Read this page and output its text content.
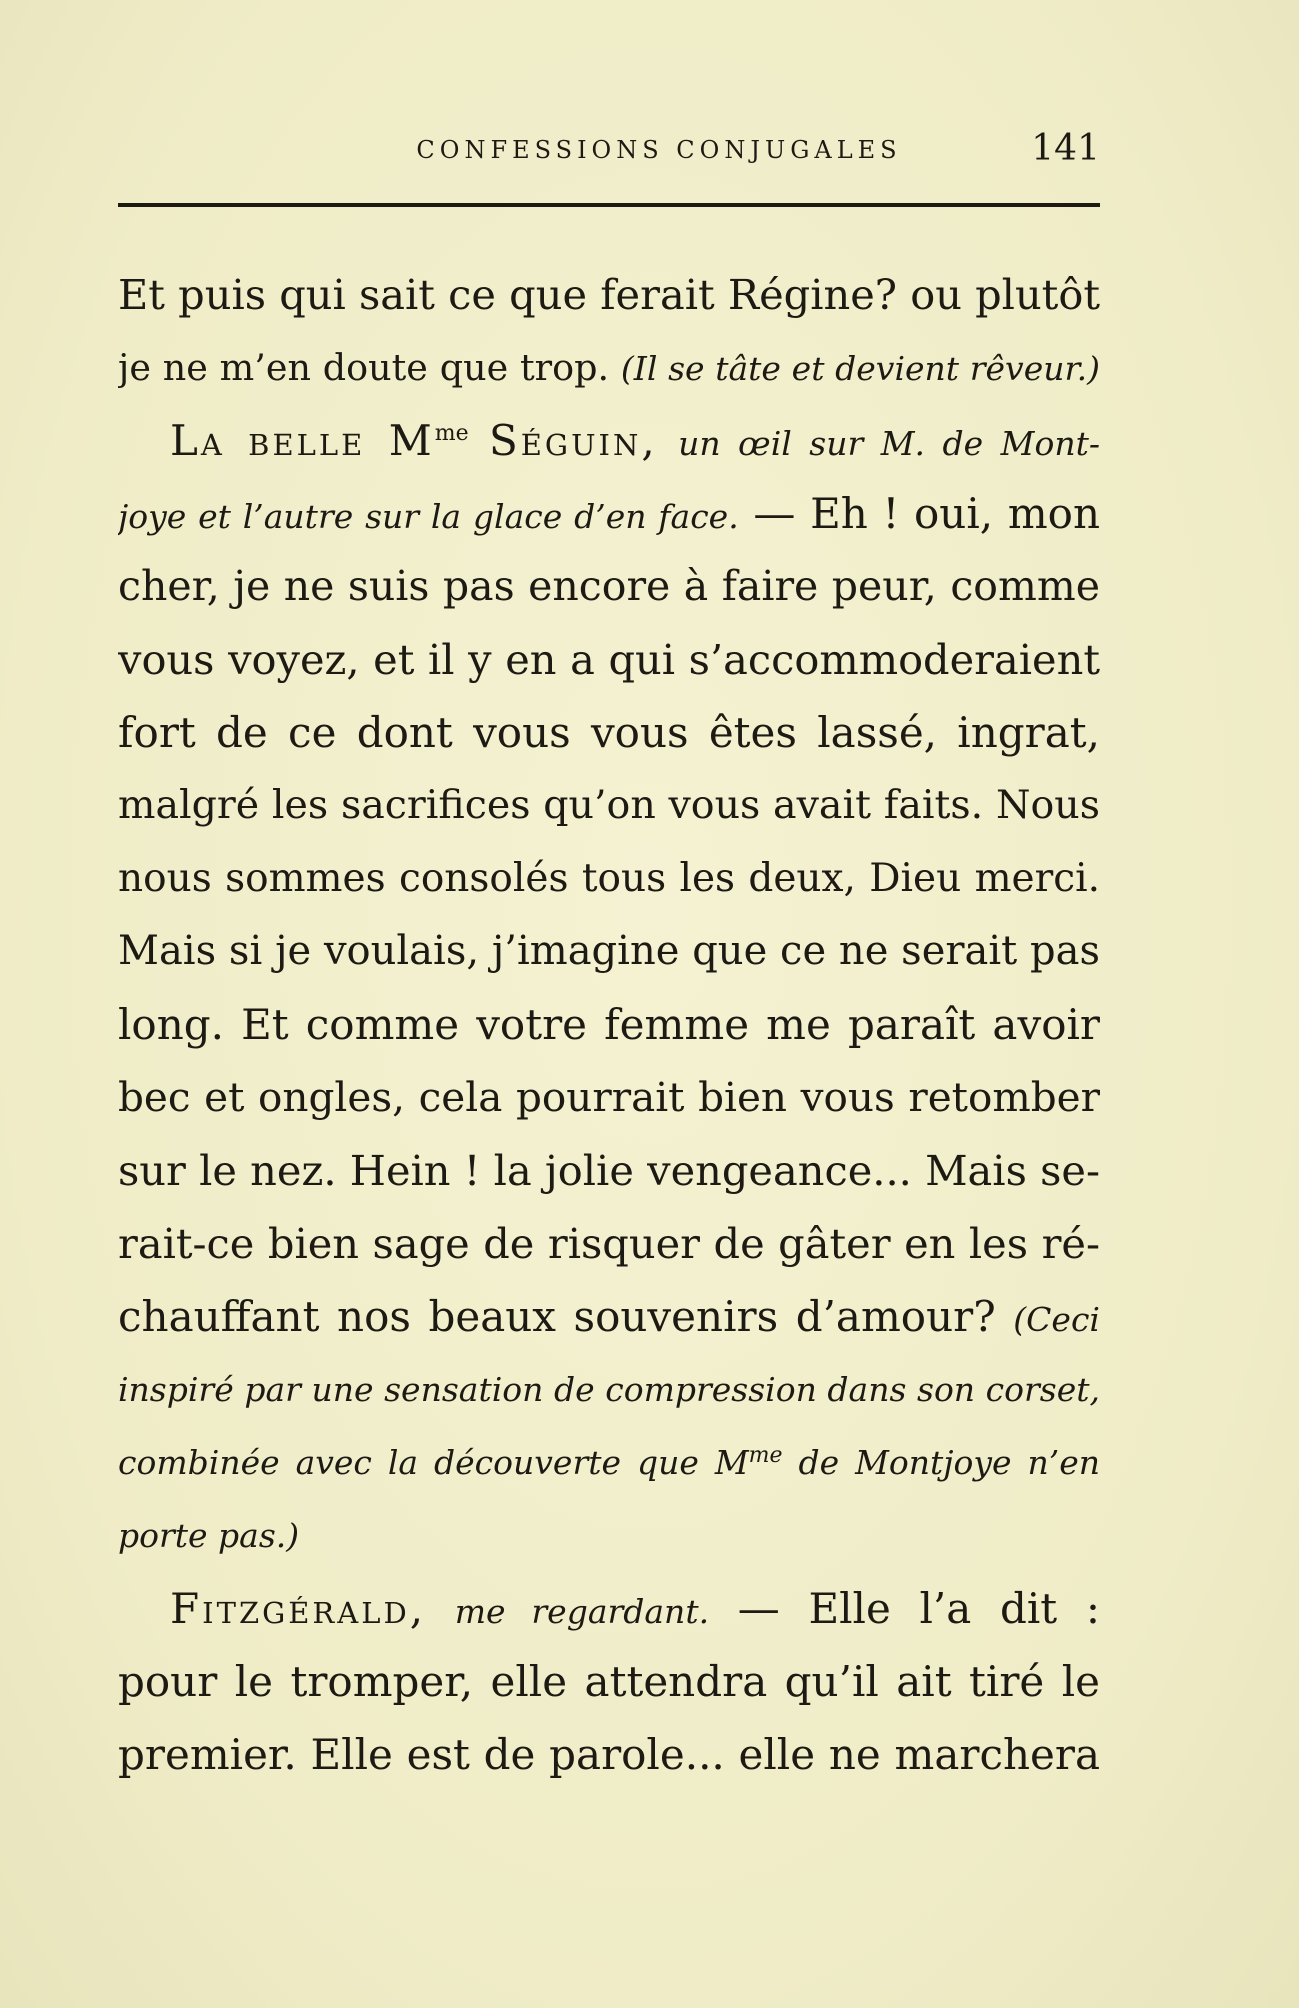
CONFESSIONS CONJUGALES	141
Et puis qui sait ce que ferait Régine? ou plutôt
je ne m’en doute que trop. (Il se tâte et devient rêveur.)
La belle $M^{me}$ Séguin, un œil sur M. de Mont-
joye et l’autre sur la glace d’en face. — Eh ! oui, mon
cher, je ne suis pas encore à faire peur, comme
vous voyez, et il y en a qui s’accommoderaient
fort de ce dont vous vous êtes lassé, ingrat,
malgré les sacrifices qu’on vous avait faits. Nous
nous sommes consolés tous les deux, Dieu merci.
Mais si je voulais, j’imagine que ce ne serait pas
long. Et comme votre femme me paraît avoir
bec et ongles, cela pourrait bien vous retomber
sur le nez. Hein ! la jolie vengeance... Mais se-
rait-ce bien sage de risquer de gâter en les ré-
chauffant nos beaux souvenirs d’amour? (Ceci
inspiré par une sensation de compression dans son corset,
combinée avec la découverte que $M^{me}$ de Montjoye n’en
porte pas.)
Fitzgérald, me regardant. — Elle l’a dit :
pour le tromper, elle attendra qu’il ait tiré le
premier. Elle est de parole... elle ne marchera
